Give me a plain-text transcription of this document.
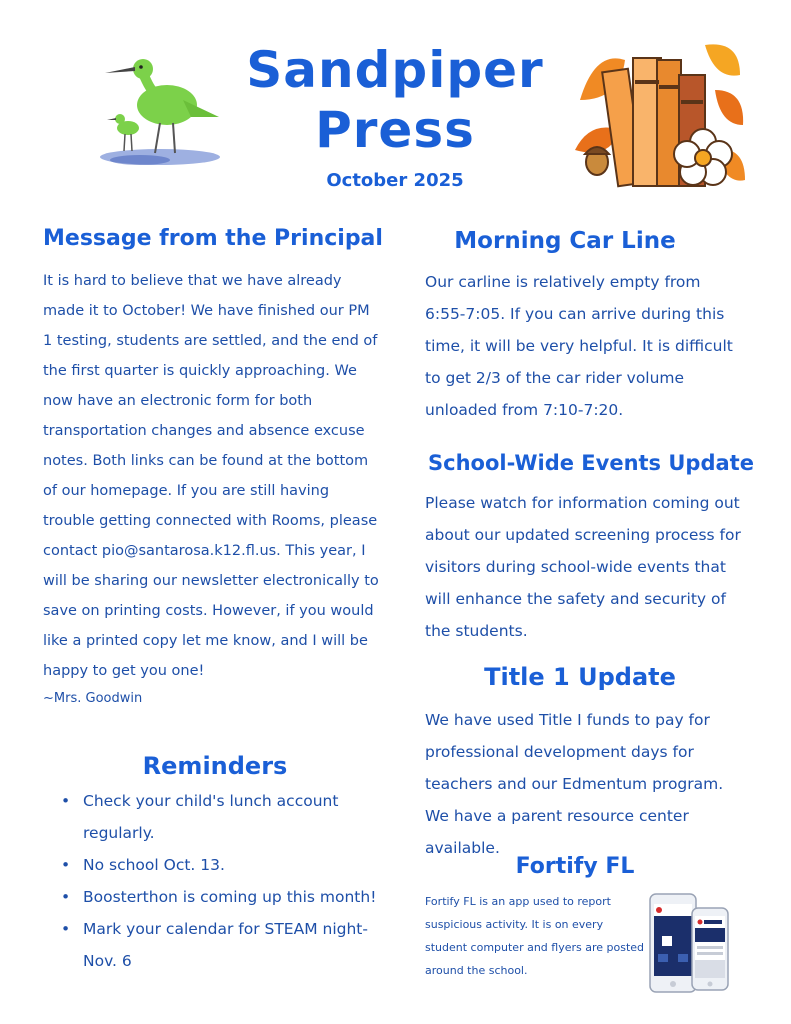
Sandpiper
Press
October 2025
Message from the Principal

It is hard to believe that we have already made it to October! We have finished our PM 1 testing, students are settled, and the end of the first quarter is quickly approaching. We now have an electronic form for both transportation changes and absence excuse notes. Both links can be found at the bottom of our homepage. If you are still having trouble getting connected with Rooms, please contact pio@santarosa.k12.fl.us. This year, I will be sharing our newsletter electronically to save on printing costs. However, if you would like a printed copy let me know, and I will be happy to get you one!

~Mrs. Goodwin

Reminders
• Check your child's lunch account regularly.
• No school Oct. 13.
• Boosterthon is coming up this month!
• Mark your calendar for STEAM night-Nov. 6
Morning Car Line
Our carline is relatively empty from 6:55-7:05. If you can arrive during this time, it will be very helpful. It is difficult to get 2/3 of the car rider volume unloaded from 7:10-7:20.
School-Wide Events Update
Please watch for information coming out about our updated screening process for visitors during school-wide events that will enhance the safety and security of the students.
Title 1 Update
We have used Title I funds to pay for professional development days for teachers and our Edmentum program. We have a parent resource center available.
Fortify FL
Fortify FL is an app used to report suspicious activity. It is on every student computer and flyers are posted around the school.
